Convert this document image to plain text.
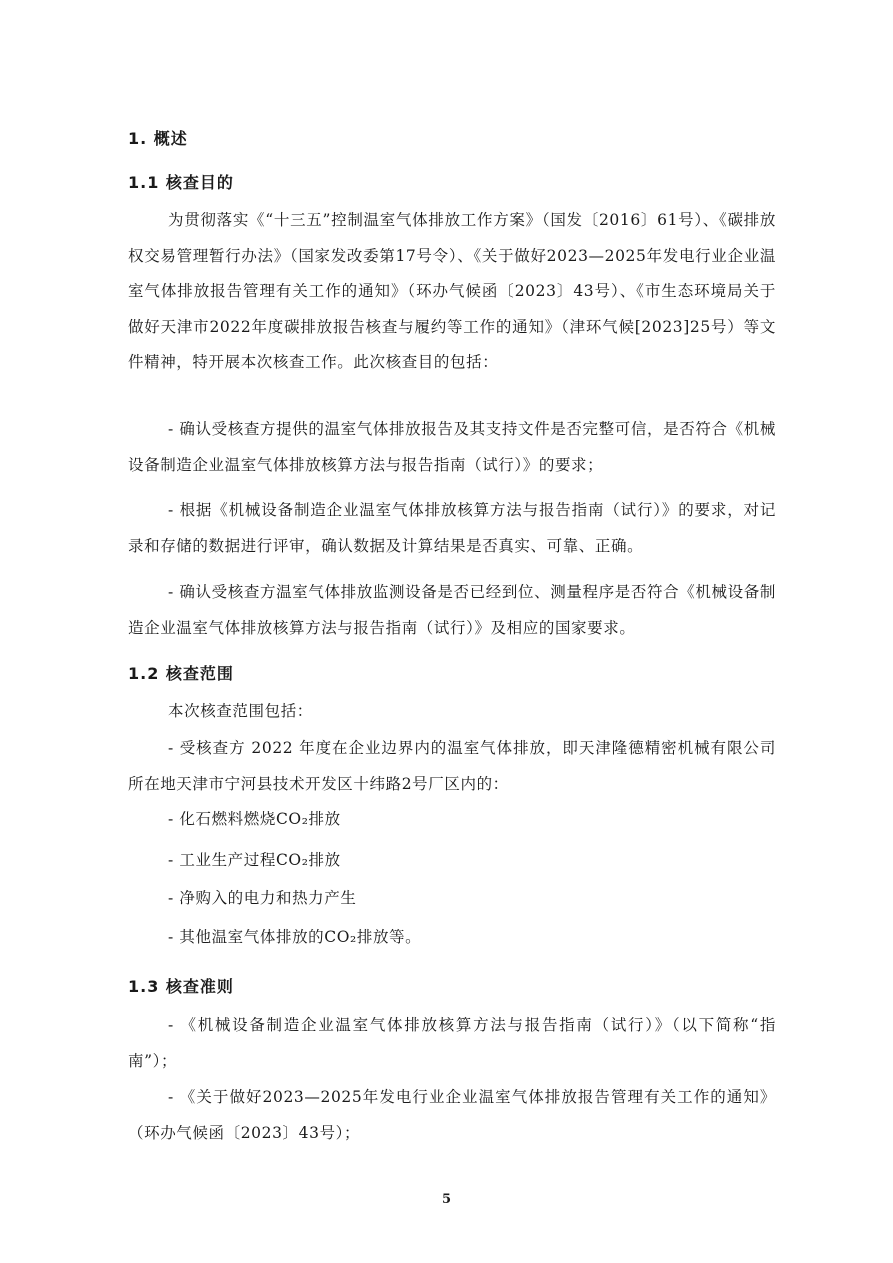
1. 概述
1.1 核查目的
为贯彻落实《“十三五”控制温室气体排放工作方案》（国发〔2016〕61号）、《碳排放权交易管理暂行办法》（国家发改委第17号令）、《关于做好2023—2025年发电行业企业温室气体排放报告管理有关工作的通知》（环办气候函〔2023〕43号）、《市生态环境局关于做好天津市2022年度碳排放报告核查与履约等工作的通知》（津环气候[2023]25号）等文件精神，特开展本次核查工作。此次核查目的包括：
- 确认受核查方提供的温室气体排放报告及其支持文件是否完整可信，是否符合《机械设备制造企业温室气体排放核算方法与报告指南（试行）》的要求；
- 根据《机械设备制造企业温室气体排放核算方法与报告指南（试行）》的要求，对记录和存储的数据进行评审，确认数据及计算结果是否真实、可靠、正确。
- 确认受核查方温室气体排放监测设备是否已经到位、测量程序是否符合《机械设备制造企业温室气体排放核算方法与报告指南（试行）》及相应的国家要求。
1.2 核查范围
本次核查范围包括：
- 受核查方 2022 年度在企业边界内的温室气体排放，即天津隆德精密机械有限公司所在地天津市宁河县技术开发区十纬路2号厂区内的：
- 化石燃料燃烧CO₂排放
- 工业生产过程CO₂排放
- 净购入的电力和热力产生
- 其他温室气体排放的CO₂排放等。
1.3 核查准则
- 《机械设备制造企业温室气体排放核算方法与报告指南（试行）》（以下简称“指南”）；
- 《关于做好2023—2025年发电行业企业温室气体排放报告管理有关工作的通知》（环办气候函〔2023〕43号）；
5
